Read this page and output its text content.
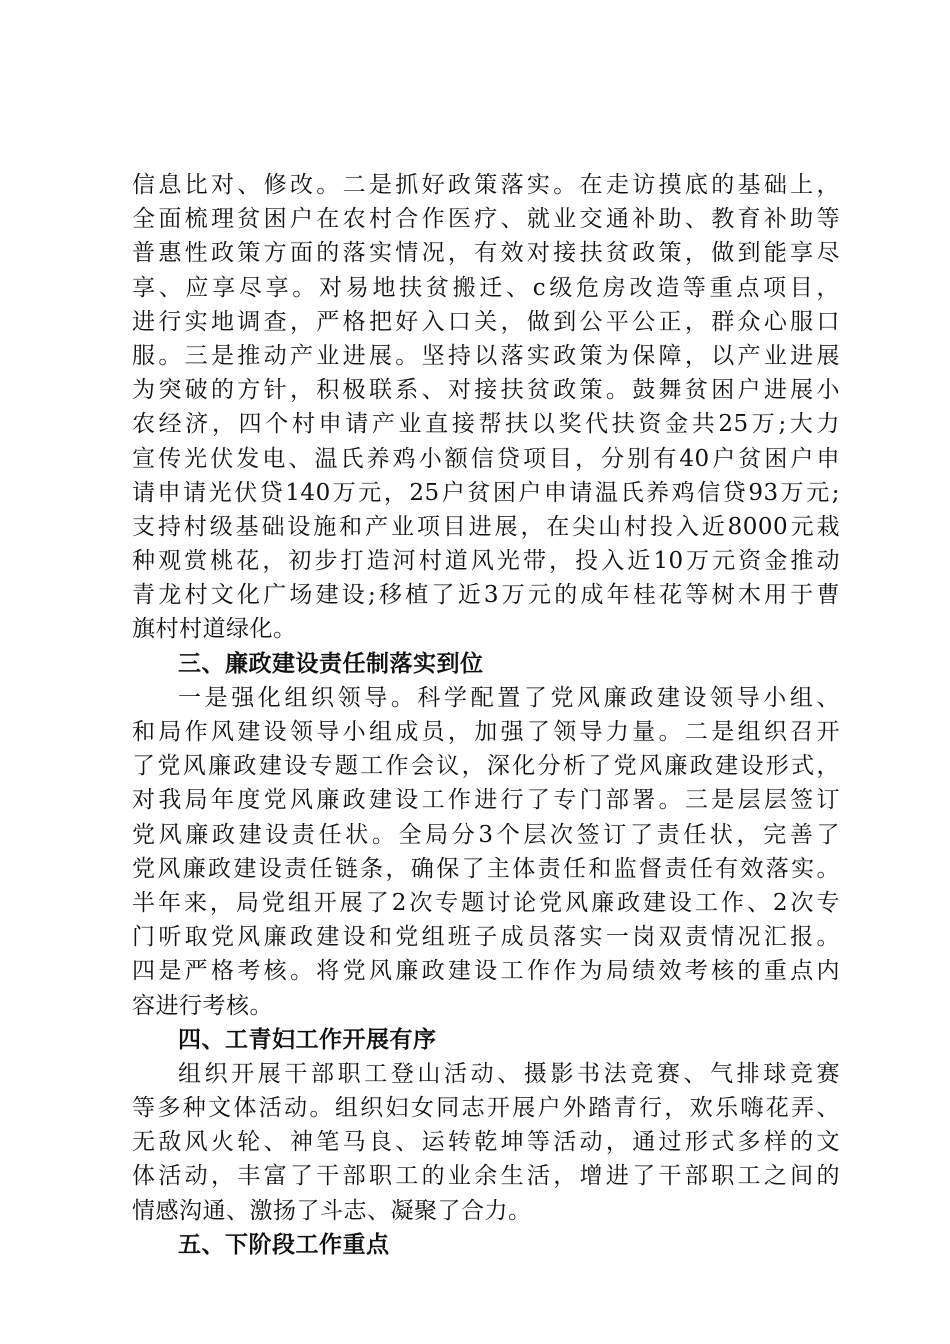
信息比对、修改。二是抓好政策落实。在走访摸底的基础上，
全面梳理贫困户在农村合作医疗、就业交通补助、教育补助等
普惠性政策方面的落实情况，有效对接扶贫政策，做到能享尽
享、应享尽享。对易地扶贫搬迁、c级危房改造等重点项目，
进行实地调查，严格把好入口关，做到公平公正，群众心服口
服。三是推动产业进展。坚持以落实政策为保障，以产业进展
为突破的方针，积极联系、对接扶贫政策。鼓舞贫困户进展小
农经济，四个村申请产业直接帮扶以奖代扶资金共25万;大力
宣传光伏发电、温氏养鸡小额信贷项目，分别有40户贫困户申
请申请光伏贷140万元，25户贫困户申请温氏养鸡信贷93万元;
支持村级基础设施和产业项目进展，在尖山村投入近8000元栽
种观赏桃花，初步打造河村道风光带，投入近10万元资金推动
青龙村文化广场建设;移植了近3万元的成年桂花等树木用于曹
旗村村道绿化。
三、廉政建设责任制落实到位
一是强化组织领导。科学配置了党风廉政建设领导小组、
和局作风建设领导小组成员，加强了领导力量。二是组织召开
了党风廉政建设专题工作会议，深化分析了党风廉政建设形式，
对我局年度党风廉政建设工作进行了专门部署。三是层层签订
党风廉政建设责任状。全局分3个层次签订了责任状，完善了
党风廉政建设责任链条，确保了主体责任和监督责任有效落实。
半年来，局党组开展了2次专题讨论党风廉政建设工作、2次专
门听取党风廉政建设和党组班子成员落实一岗双责情况汇报。
四是严格考核。将党风廉政建设工作作为局绩效考核的重点内
容进行考核。
四、工青妇工作开展有序
组织开展干部职工登山活动、摄影书法竞赛、气排球竞赛
等多种文体活动。组织妇女同志开展户外踏青行，欢乐嗨花弄、
无敌风火轮、神笔马良、运转乾坤等活动，通过形式多样的文
体活动，丰富了干部职工的业余生活，增进了干部职工之间的
情感沟通、激扬了斗志、凝聚了合力。
五、下阶段工作重点
